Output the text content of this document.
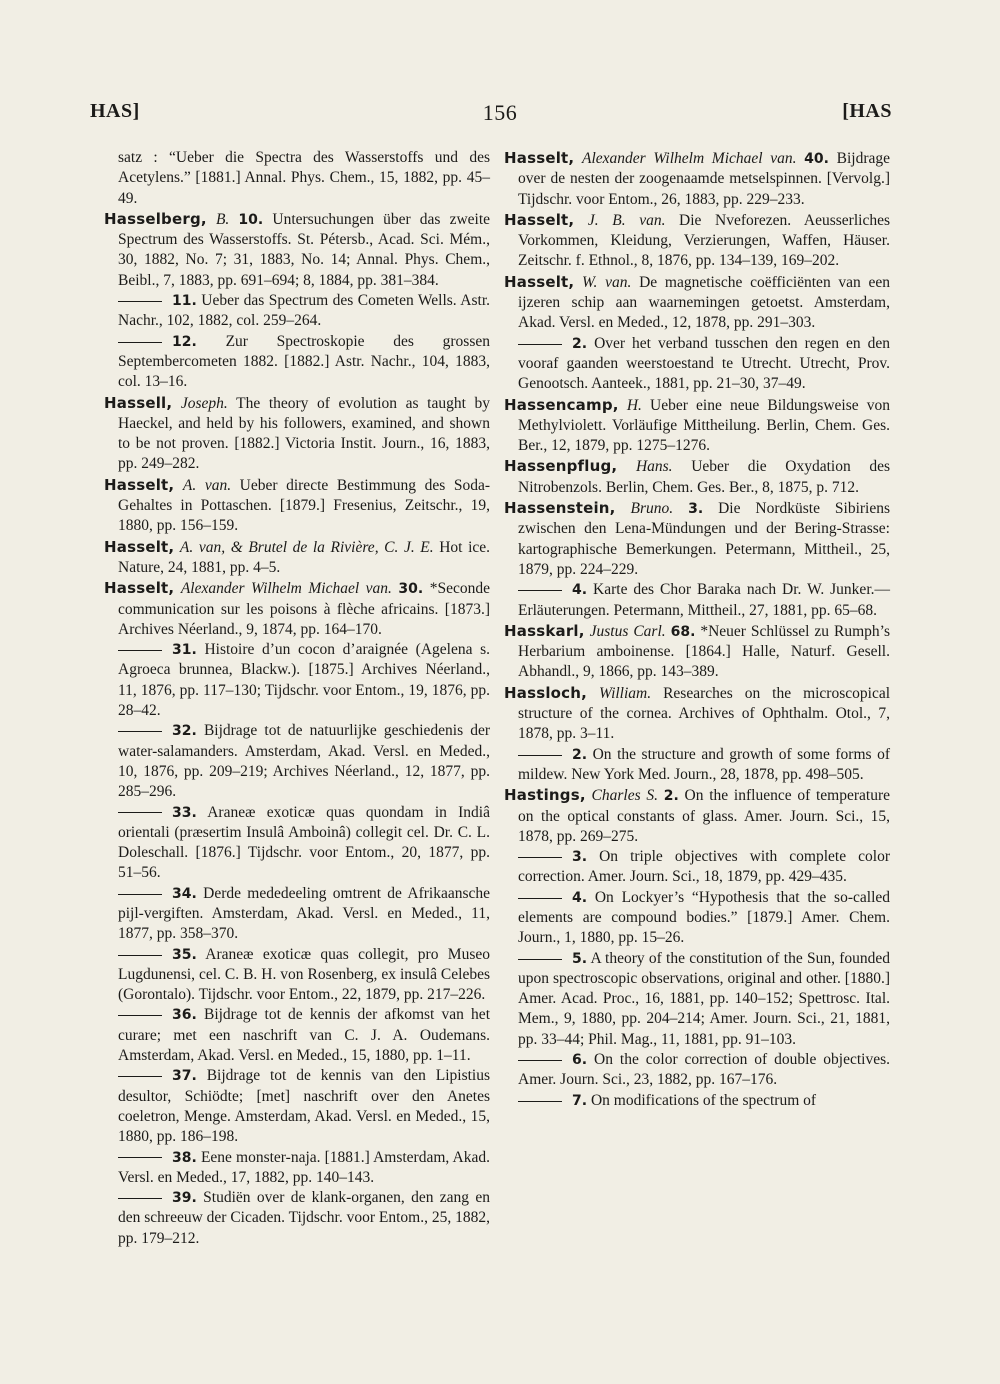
HAS]	156	[HAS

satz : “Ueber die Spectra des Wasserstoffs und des Acetylens.” [1881.] Annal. Phys. Chem., 15, 1882, pp. 45–49.

Hasselberg, B. 10. Untersuchungen über das zweite Spectrum des Wasserstoffs. St. Pétersb., Acad. Sci. Mém., 30, 1882, No. 7; 31, 1883, No. 14; Annal. Phys. Chem., Beibl., 7, 1883, pp. 691–694; 8, 1884, pp. 381–384.

11. Ueber das Spectrum des Cometen Wells. Astr. Nachr., 102, 1882, col. 259–264.

12. Zur Spectroskopie des grossen Septembercometen 1882. [1882.] Astr. Nachr., 104, 1883, col. 13–16.

Hassell, Joseph. The theory of evolution as taught by Haeckel, and held by his followers, examined, and shown to be not proven. [1882.] Victoria Instit. Journ., 16, 1883, pp. 249–282.

Hasselt, A. van. Ueber directe Bestimmung des Soda-Gehaltes in Pottaschen. [1879.] Fresenius, Zeitschr., 19, 1880, pp. 156–159.

Hasselt, A. van, & Brutel de la Rivière, C. J. E. Hot ice. Nature, 24, 1881, pp. 4–5.

Hasselt, Alexander Wilhelm Michael van. 30. *Seconde communication sur les poisons à flèche africains. [1873.] Archives Néerland., 9, 1874, pp. 164–170.

31. Histoire d’un cocon d’araignée (Agelena s. Agroeca brunnea, Blackw.). [1875.] Archives Néerland., 11, 1876, pp. 117–130; Tijdschr. voor Entom., 19, 1876, pp. 28–42.

32. Bijdrage tot de natuurlijke geschiedenis der water-salamanders. Amsterdam, Akad. Versl. en Meded., 10, 1876, pp. 209–219; Archives Néerland., 12, 1877, pp. 285–296.

33. Araneæ exoticæ quas quondam in Indiâ orientali (præsertim Insulâ Amboinâ) collegit cel. Dr. C. L. Doleschall. [1876.] Tijdschr. voor Entom., 20, 1877, pp. 51–56.

34. Derde mededeeling omtrent de Afrikaansche pijl-vergiften. Amsterdam, Akad. Versl. en Meded., 11, 1877, pp. 358–370.

35. Araneæ exoticæ quas collegit, pro Museo Lugdunensi, cel. C. B. H. von Rosenberg, ex insulâ Celebes (Gorontalo). Tijdschr. voor Entom., 22, 1879, pp. 217–226.

36. Bijdrage tot de kennis der afkomst van het curare; met een naschrift van C. J. A. Oudemans. Amsterdam, Akad. Versl. en Meded., 15, 1880, pp. 1–11.

37. Bijdrage tot de kennis van den Lipistius desultor, Schiödte; [met] naschrift over den Anetes coeletron, Menge. Amsterdam, Akad. Versl. en Meded., 15, 1880, pp. 186–198.

38. Eene monster-naja. [1881.] Amsterdam, Akad. Versl. en Meded., 17, 1882, pp. 140–143.

39. Studiën over de klank-organen, den zang en den schreeuw der Cicaden. Tijdschr. voor Entom., 25, 1882, pp. 179–212.

Hasselt, Alexander Wilhelm Michael van. 40. Bijdrage over de nesten der zoogenaamde metselspinnen. [Vervolg.] Tijdschr. voor Entom., 26, 1883, pp. 229–233.

Hasselt, J. B. van. Die Nveforezen. Aeusserliches Vorkommen, Kleidung, Verzierungen, Waffen, Häuser. Zeitschr. f. Ethnol., 8, 1876, pp. 134–139, 169–202.

Hasselt, W. van. De magnetische coëfficiënten van een ijzeren schip aan waarnemingen getoetst. Amsterdam, Akad. Versl. en Meded., 12, 1878, pp. 291–303.

2. Over het verband tusschen den regen en den vooraf gaanden weerstoestand te Utrecht. Utrecht, Prov. Genootsch. Aanteek., 1881, pp. 21–30, 37–49.

Hassencamp, H. Ueber eine neue Bildungsweise von Methylviolett. Vorläufige Mittheilung. Berlin, Chem. Ges. Ber., 12, 1879, pp. 1275–1276.

Hassenpflug, Hans. Ueber die Oxydation des Nitrobenzols. Berlin, Chem. Ges. Ber., 8, 1875, p. 712.

Hassenstein, Bruno. 3. Die Nordküste Sibiriens zwischen den Lena-Mündungen und der Bering-Strasse: kartographische Bemerkungen. Petermann, Mittheil., 25, 1879, pp. 224–229.

4. Karte des Chor Baraka nach Dr. W. Junker.—Erläuterungen. Petermann, Mittheil., 27, 1881, pp. 65–68.

Hasskarl, Justus Carl. 68. *Neuer Schlüssel zu Rumph’s Herbarium amboinense. [1864.] Halle, Naturf. Gesell. Abhandl., 9, 1866, pp. 143–389.

Hassloch, William. Researches on the microscopical structure of the cornea. Archives of Ophthalm. Otol., 7, 1878, pp. 3–11.

2. On the structure and growth of some forms of mildew. New York Med. Journ., 28, 1878, pp. 498–505.

Hastings, Charles S. 2. On the influence of temperature on the optical constants of glass. Amer. Journ. Sci., 15, 1878, pp. 269–275.

3. On triple objectives with complete color correction. Amer. Journ. Sci., 18, 1879, pp. 429–435.

4. On Lockyer’s “Hypothesis that the so-called elements are compound bodies.” [1879.] Amer. Chem. Journ., 1, 1880, pp. 15–26.

5. A theory of the constitution of the Sun, founded upon spectroscopic observations, original and other. [1880.] Amer. Acad. Proc., 16, 1881, pp. 140–152; Spettrosc. Ital. Mem., 9, 1880, pp. 204–214; Amer. Journ. Sci., 21, 1881, pp. 33–44; Phil. Mag., 11, 1881, pp. 91–103.

6. On the color correction of double objectives. Amer. Journ. Sci., 23, 1882, pp. 167–176.

7. On modifications of the spectrum of
